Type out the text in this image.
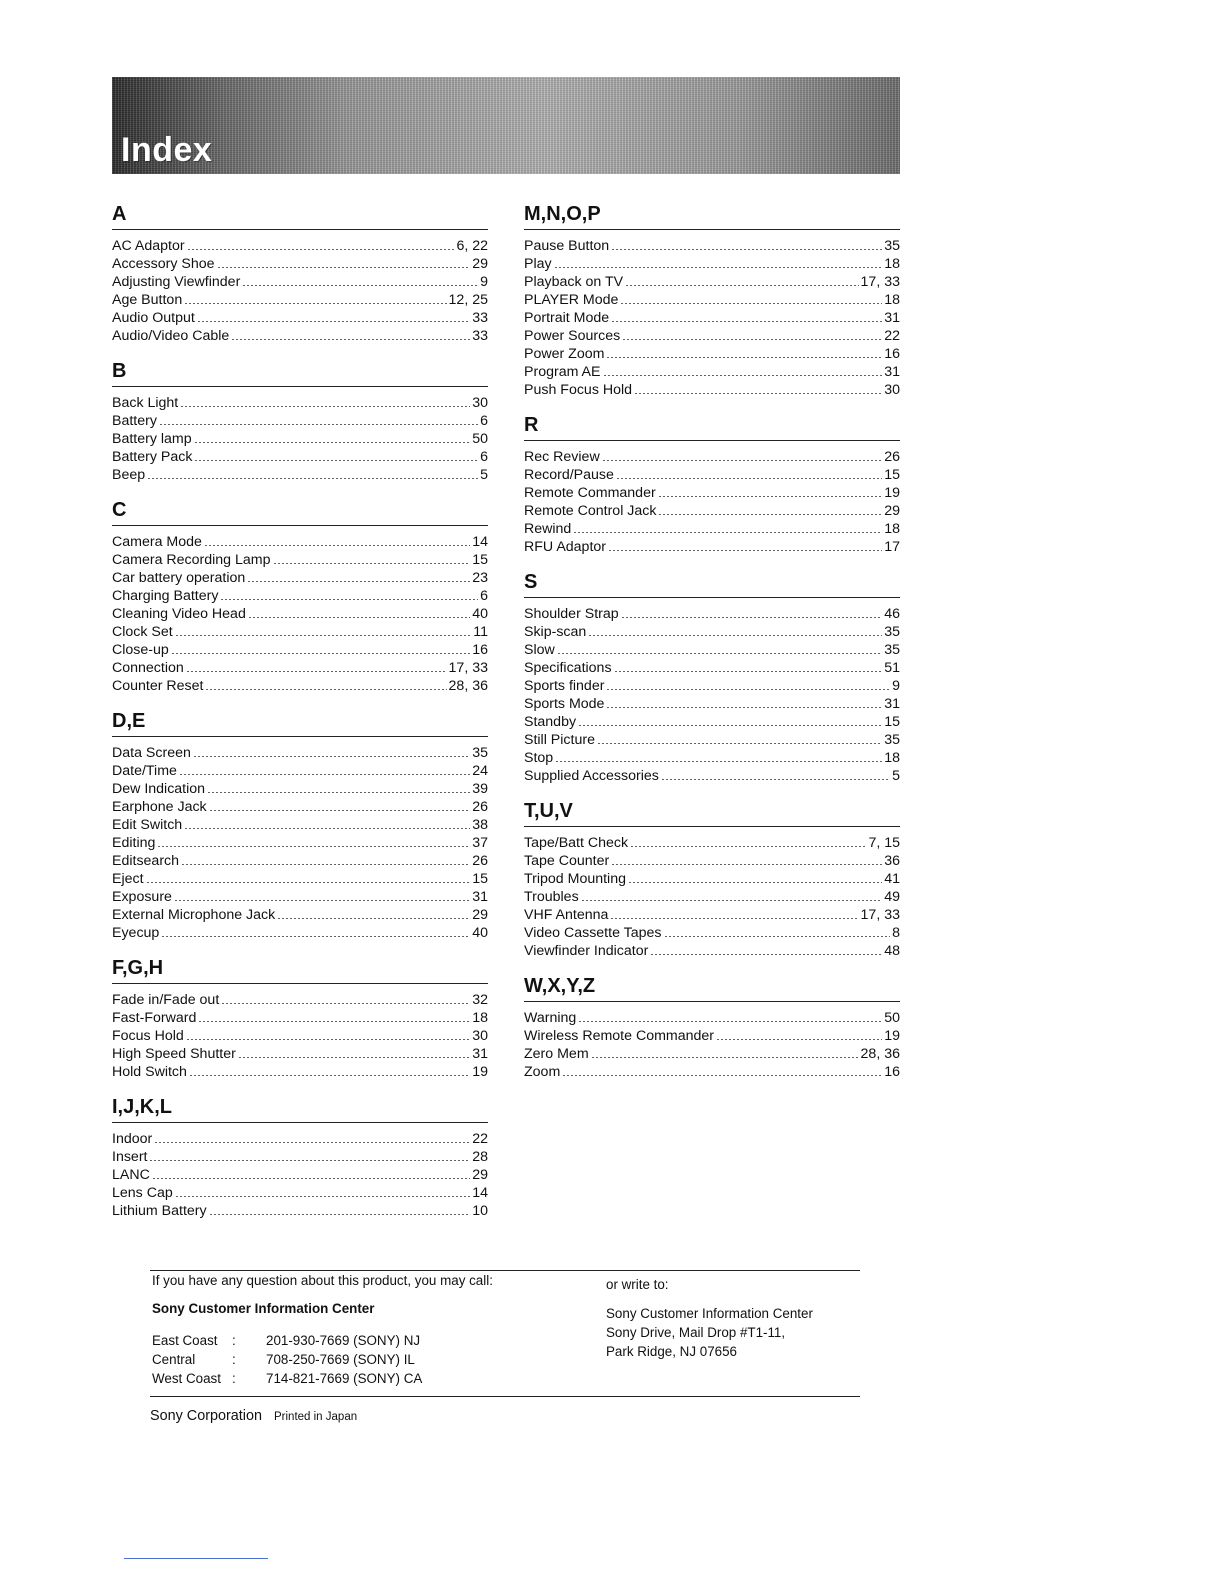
Index
A
AC Adaptor	6, 22
Accessory Shoe	29
Adjusting Viewfinder	9
Age Button	12, 25
Audio Output	33
Audio/Video Cable	33
B
Back Light	30
Battery	6
Battery lamp	50
Battery Pack	6
Beep	5
C
Camera Mode	14
Camera Recording Lamp	15
Car battery operation	23
Charging Battery	6
Cleaning Video Head	40
Clock Set	11
Close-up	16
Connection	17, 33
Counter Reset	28, 36
D,E
Data Screen	35
Date/Time	24
Dew Indication	39
Earphone Jack	26
Edit Switch	38
Editing	37
Editsearch	26
Eject	15
Exposure	31
External Microphone Jack	29
Eyecup	40
F,G,H
Fade in/Fade out	32
Fast-Forward	18
Focus Hold	30
High Speed Shutter	31
Hold Switch	19
I,J,K,L
Indoor	22
Insert	28
LANC	29
Lens Cap	14
Lithium Battery	10
M,N,O,P
Pause Button	35
Play	18
Playback on TV	17, 33
PLAYER Mode	18
Portrait Mode	31
Power Sources	22
Power Zoom	16
Program AE	31
Push Focus Hold	30
R
Rec Review	26
Record/Pause	15
Remote Commander	19
Remote Control Jack	29
Rewind	18
RFU Adaptor	17
S
Shoulder Strap	46
Skip-scan	35
Slow	35
Specifications	51
Sports finder	9
Sports Mode	31
Standby	15
Still Picture	35
Stop	18
Supplied Accessories	5
T,U,V
Tape/Batt Check	7, 15
Tape Counter	36
Tripod Mounting	41
Troubles	49
VHF Antenna	17, 33
Video Cassette Tapes	8
Viewfinder Indicator	48
W,X,Y,Z
Warning	50
Wireless Remote Commander	19
Zero Mem	28, 36
Zoom	16
If you have any question about this product, you may call:
Sony Customer Information Center
East Coast	:	201-930-7669 (SONY) NJ
Central	:	708-250-7669 (SONY) IL
West Coast :	714-821-7669 (SONY) CA
or write to:
Sony Customer Information Center
Sony Drive, Mail Drop #T1-11,
Park Ridge, NJ 07656
Sony Corporation Printed in Japan
